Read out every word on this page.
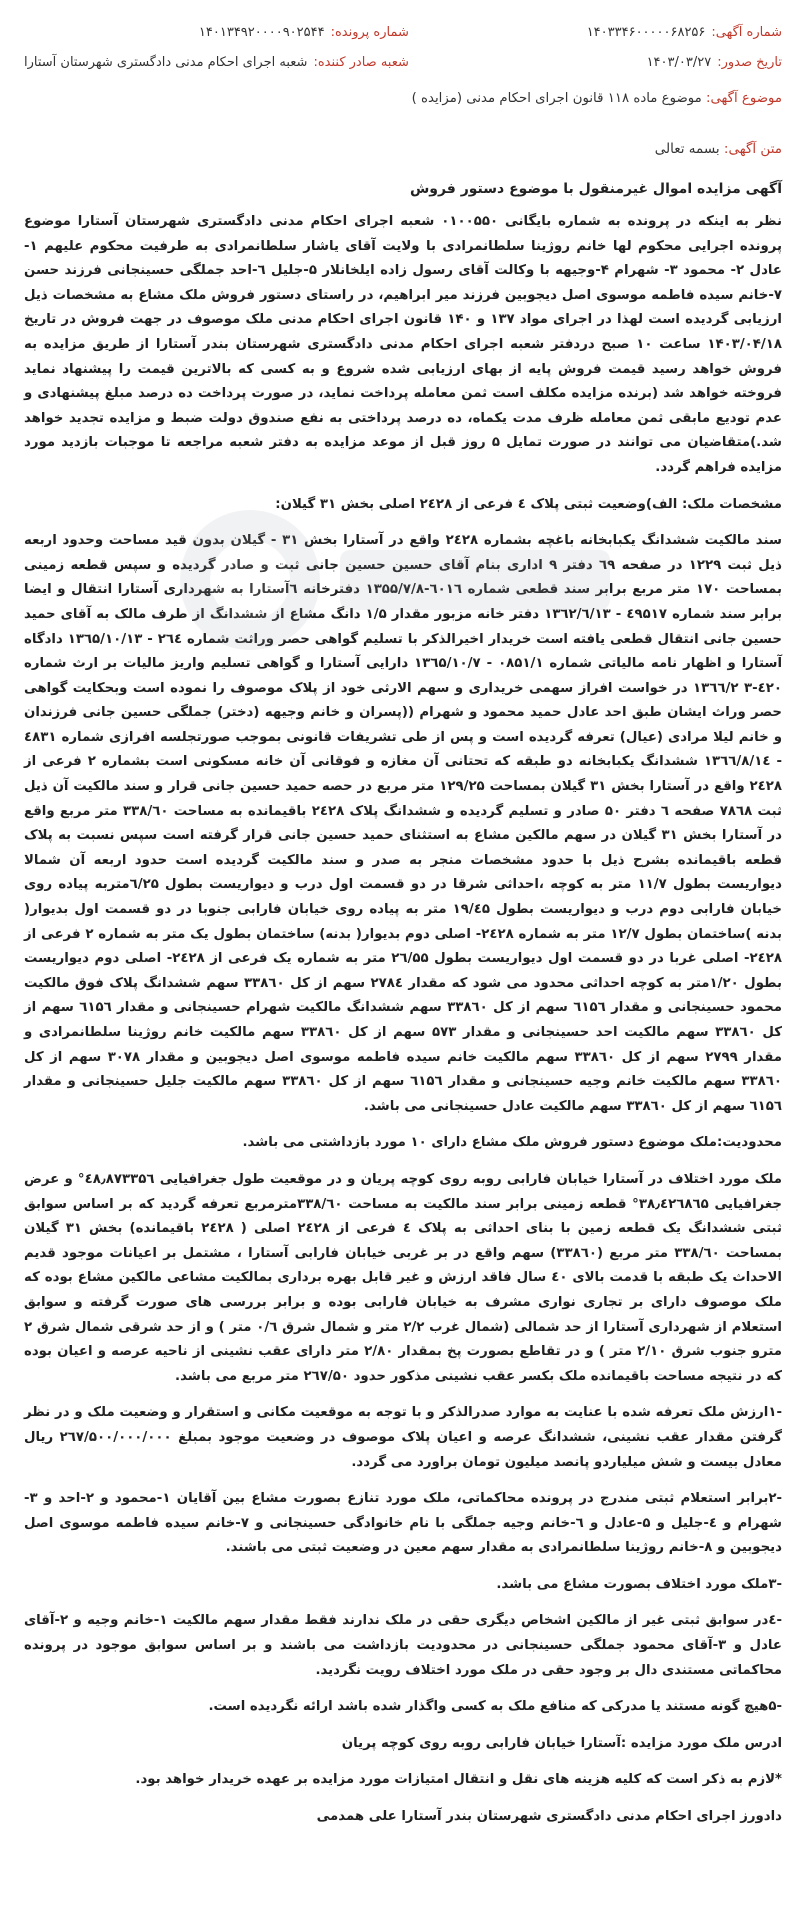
شماره آگهی:
۱۴۰۳۳۴۶۰۰۰۰۰۶۸۲۵۶
تاریخ صدور:
۱۴۰۳/۰۳/۲۷
شماره پرونده:
۱۴۰۱۳۴۹۲۰۰۰۰۹۰۲۵۴۴
شعبه صادر کننده:
شعبه اجرای احکام مدنی دادگستری شهرستان آستارا
موضوع آگهی: موضوع ماده ۱۱۸ قانون اجرای احکام مدنی (مزایده )
متن آگهی: بسمه تعالی
آگهی مزایده اموال غیرمنقول با موضوع دستور فروش

نظر به اینکه در پرونده به شماره بایگانی ۰۱۰۰۵۵۰ شعبه اجرای احکام مدنی دادگستری شهرستان آستارا موضوع پرونده اجرایی محکوم لها خانم روژینا سلطانمرادی با ولایت آقای یاشار سلطانمرادی به طرفیت محکوم علیهم ۱-عادل ۲- محمود ۳- شهرام ۴-وجیهه با وکالت آقای رسول زاده ایلخانلار ۵-جلیل ٦-احد جملگی حسینجانی فرزند حسن ۷-خانم سیده فاطمه موسوی اصل دیجوبین فرزند میر ابراهیم، در راستای دستور فروش ملک مشاع به مشخصات ذیل ارزیابی گردیده است لهذا در اجرای مواد ۱۳۷ و ۱۴۰ قانون اجرای احکام مدنی ملک موصوف در جهت فروش در تاریخ ۱۴۰۳/۰۴/۱۸ ساعت ۱۰ صبح دردفتر شعبه اجرای احکام مدنی دادگستری شهرستان بندر آستارا از طریق مزایده به فروش خواهد رسید قیمت فروش پایه از بهای ارزیابی شده شروع و به کسی که بالاترین قیمت را پیشنهاد نماید فروخته خواهد شد (برنده مزایده مکلف است ثمن معامله پرداخت نماید، در صورت پرداخت ده درصد مبلغ پیشنهادی و عدم تودیع مابقی ثمن معامله ظرف مدت یکماه، ده درصد پرداختی به نفع صندوق دولت ضبط و مزایده تجدید خواهد شد.)متقاضیان می توانند در صورت تمایل ۵ روز قبل از موعد مزایده به دفتر شعبه مراجعه تا موجبات بازدید مورد مزایده فراهم گردد.

مشخصات ملک: الف)وضعیت ثبتی پلاک ٤ فرعی از ۲٤۲۸ اصلی بخش ۳۱ گیلان:

سند مالکیت ششدانگ یکبابخانه باغچه بشماره ۲٤۲۸ واقع در آستارا بخش ۳۱ - گیلان بدون قید مساحت وحدود اربعه ذیل ثبت ۱۲۲۹ در صفحه ٦۹ دفتر ۹ اداری بنام آقای حسین حسین جانی ثبت و صادر گردیده و سپس قطعه زمینی بمساحت ۱۷۰ متر مربع برابر سند قطعی شماره ٦۰۱٦-۱۳۵۵/۷/۸ دفترخانه ٦آستارا به شهرداری آستارا انتقال و ایضا برابر سند شماره ٤۹۵۱۷ - ۱۳٦۲/٦/۱۳ دفتر خانه مزبور مقدار ۱/۵ دانگ مشاع از ششدانگ از طرف مالک به آقای حمید حسین جانی انتقال قطعی یافته است خریدار اخیرالذکر با تسلیم گواهی حصر وراثت شماره ۲٦٤ - ۱۳٦۵/۱۰/۱۳ دادگاه آستارا و اظهار نامه مالیاتی شماره ۰۸۵۱/۱ - ۱۳٦۵/۱۰/۷ دارایی آستارا و گواهی تسلیم واریز مالیات بر ارث شماره ٤۲۰-۳ ۱۳٦٦/۲ در خواست افراز سهمی خریداری و سهم الارثی خود از پلاک موصوف را نموده است وبحکایت گواهی حصر وراث ایشان طبق احد عادل حمید محمود و شهرام ((پسران و خانم وجیهه (دختر) جملگی حسین جانی فرزندان و خانم لیلا مرادی (عیال) تعرفه گردیده است و پس از طی تشریفات قانونی بموجب صورتجلسه افرازی شماره ٤۸۳۱ - ۱۳٦٦/۸/۱٤ ششدانگ یکبابخانه دو طبقه که تحتانی آن مغازه و فوقانی آن خانه مسکونی است بشماره ۲ فرعی از ۲٤۲۸ واقع در آستارا بخش ۳۱ گیلان بمساحت ۱۲۹/۲۵ متر مربع در حصه حمید حسین جانی قرار و سند مالکیت آن ذیل ثبت ۷۸٦۸ صفحه ٦ دفتر ۵۰ صادر و تسلیم گردیده و ششدانگ پلاک ۲٤۲۸ باقیمانده به مساحت ۳۳۸/٦۰ متر مربع واقع در آستارا بخش ۳۱ گیلان در سهم مالکین مشاع به استثنای حمید حسین جانی قرار گرفته است سپس نسبت به پلاک قطعه باقیمانده بشرح ذیل با حدود مشخصات منجر به صدر و سند مالکیت گردیده است حدود اربعه آن شمالا دیواریست بطول ۱۱/۷ متر به کوچه ،احداثی شرقا در دو قسمت اول درب و دیواریست بطول ٦/۲۵متربه پیاده روی خیابان فارابی دوم درب و دیواریست بطول ۱۹/٤۵ متر به پیاده روی خیابان فارابی جنوبا در دو قسمت اول بدیوار( بدنه )ساختمان بطول ۱۲/۷ متر به شماره ۲٤۲۸- اصلی دوم بدیوار( بدنه) ساختمان بطول یک متر به شماره ۲ فرعی از ۲٤۲۸- اصلی غربا در دو قسمت اول دیواریست بطول ۲٦/۵۵ متر به شماره یک فرعی از ۲٤۲۸- اصلی دوم دیواریست بطول ۱/۲۰متر به کوچه احداثی محدود می شود که مقدار ۲۷۸٤ سهم از کل ۳۳۸٦۰ سهم ششدانگ پلاک فوق مالکیت محمود حسینجانی و مقدار ٦۱۵٦ سهم از کل ۳۳۸٦۰ سهم ششدانگ مالکیت شهرام حسینجانی و مقدار ٦۱۵٦ سهم از کل ۳۳۸٦۰ سهم مالکیت احد حسینجانی و مقدار ۵۷۳ سهم از کل ۳۳۸٦۰ سهم مالکیت خانم روژینا سلطانمرادی و مقدار ۲۷۹۹ سهم از کل ۳۳۸٦۰ سهم مالکیت خانم سیده فاطمه موسوی اصل دیجوبین و مقدار ۳۰۷۸ سهم از کل ۳۳۸٦۰ سهم مالکیت خانم وجیه حسینجانی و مقدار ٦۱۵٦ سهم از کل ۳۳۸٦۰ سهم مالکیت جلیل حسینجانی و مقدار ٦۱۵٦ سهم از کل ۳۳۸٦۰ سهم مالکیت عادل حسینجانی می باشد.

محدودیت:ملک موضوع دستور فروش ملک مشاع دارای ۱۰ مورد بازداشتی می باشد.

ملک مورد اختلاف در آستارا خیابان فارابی روبه روی کوچه پریان و در موقعیت طول جغرافیایی ٤۸٫۸۷۳۳۵٦° و عرض جغرافیایی ۳۸٫٤۲٦۸٦۵° قطعه زمینی برابر سند مالکیت به مساحت ۳۳۸/٦۰مترمربع تعرفه گردید که بر اساس سوابق ثبتی ششدانگ یک قطعه زمین با بنای احداثی به پلاک ٤ فرعی از ۲٤۲۸ اصلی ( ۲٤۲۸ باقیمانده) بخش ۳۱ گیلان بمساحت ۳۳۸/٦۰ متر مربع (۳۳۸٦۰) سهم واقع در بر غربی خیابان فارابی آستارا ، مشتمل بر اعیانات موجود قدیم الاحداث یک طبقه با قدمت بالای ٤۰ سال فاقد ارزش و غیر قابل بهره برداری بمالکیت مشاعی مالکین مشاع بوده که ملک موصوف دارای بر تجاری نواری مشرف به خیابان فارابی بوده و برابر بررسی های صورت گرفته و سوابق استعلام از شهرداری آستارا از حد شمالی (شمال غرب ۲/۲ متر و شمال شرق ۰/٦ متر ) و از حد شرقی شمال شرق ۲ مترو جنوب شرق ۲/۱۰ متر ) و در تقاطع بصورت پخ بمقدار ۲/۸۰ متر دارای عقب نشینی از ناحیه عرصه و اعیان بوده که در نتیجه مساحت باقیمانده ملک بکسر عقب نشینی مذکور حدود ۲٦۷/۵۰ متر مربع می باشد.

-۱ارزش ملک تعرفه شده با عنایت به موارد صدرالذکر و با توجه به موقعیت مکانی و استقرار و وضعیت ملک و در نظر گرفتن مقدار عقب نشینی، ششدانگ عرصه و اعیان پلاک موصوف در وضعیت موجود بمبلغ ۲٦۷/۵۰۰/۰۰۰/۰۰۰ ریال معادل بیست و شش میلیاردو پانصد میلیون تومان براورد می گردد.

-۲برابر استعلام ثبتی مندرج در پرونده محاکماتی، ملک مورد تنازع بصورت مشاع بین آقایان ۱-محمود و ۲-احد و ۳-شهرام و ٤-جلیل و ۵-عادل و ٦-خانم وجیه جملگی با نام خانوادگی حسینجانی و ۷-خانم سیده فاطمه موسوی اصل دیجوبین و ۸-خانم روژینا سلطانمرادی به مقدار سهم معین در وضعیت ثبتی می باشند.

-۳ملک مورد اختلاف بصورت مشاع می باشد.

-٤در سوابق ثبتی غیر از مالکین اشخاص دیگری حقی در ملک ندارند فقط مقدار سهم مالکیت ۱-خانم وجیه و ۲-آقای عادل و ۳-آقای محمود جملگی حسینجانی در محدودیت بازداشت می باشند و بر اساس سوابق موجود در پرونده محاکماتی مستندی دال بر وجود حقی در ملک مورد اختلاف رویت نگردید.

-۵هیچ گونه مستند یا مدرکی که منافع ملک به کسی واگذار شده باشد ارائه نگردیده است.

ادرس ملک مورد مزایده :آستارا خیابان فارابی روبه روی کوچه پریان

*لازم به ذکر است که کلیه هزینه های نقل و انتقال امتیازات مورد مزایده بر عهده خریدار خواهد بود.

دادورز اجرای احکام مدنی دادگستری شهرستان بندر آستارا علی همدمی
